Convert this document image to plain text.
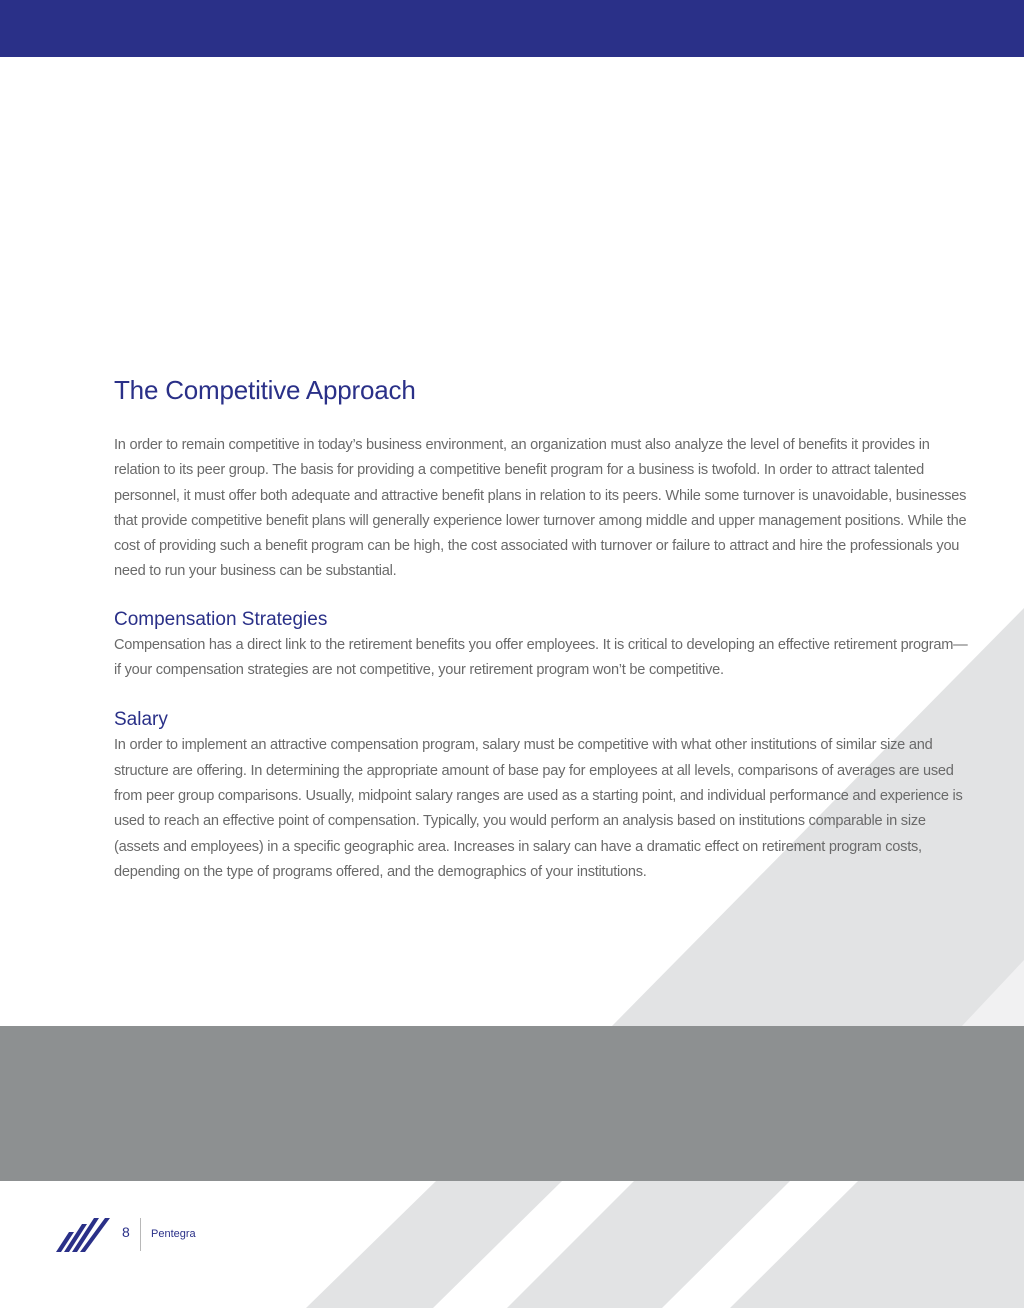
The Competitive Approach

In order to remain competitive in today’s business environment, an organization must also analyze the level of benefits it provides in relation to its peer group. The basis for providing a competitive benefit program for a business is twofold. In order to attract talented personnel, it must offer both adequate and attractive benefit plans in relation to its peers. While some turnover is unavoidable, businesses that provide competitive benefit plans will generally experience lower turnover among middle and upper management positions. While the cost of providing such a benefit program can be high, the cost associated with turnover or failure to attract and hire the professionals you need to run your business can be substantial.

Compensation Strategies

Compensation has a direct link to the retirement benefits you offer employees. It is critical to developing an effective retirement program—if your compensation strategies are not competitive, your retirement program won’t be competitive.

Salary

In order to implement an attractive compensation program, salary must be competitive with what other institutions of similar size and structure are offering. In determining the appropriate amount of base pay for employees at all levels, comparisons of averages are used from peer group comparisons. Usually, midpoint salary ranges are used as a starting point, and individual performance and experience is used to reach an effective point of compensation. Typically, you would perform an analysis based on institutions comparable in size (assets and employees) in a specific geographic area. Increases in salary can have a dramatic effect on retirement program costs, depending on the type of programs offered, and the demographics of your institutions.

8 Pentegra
